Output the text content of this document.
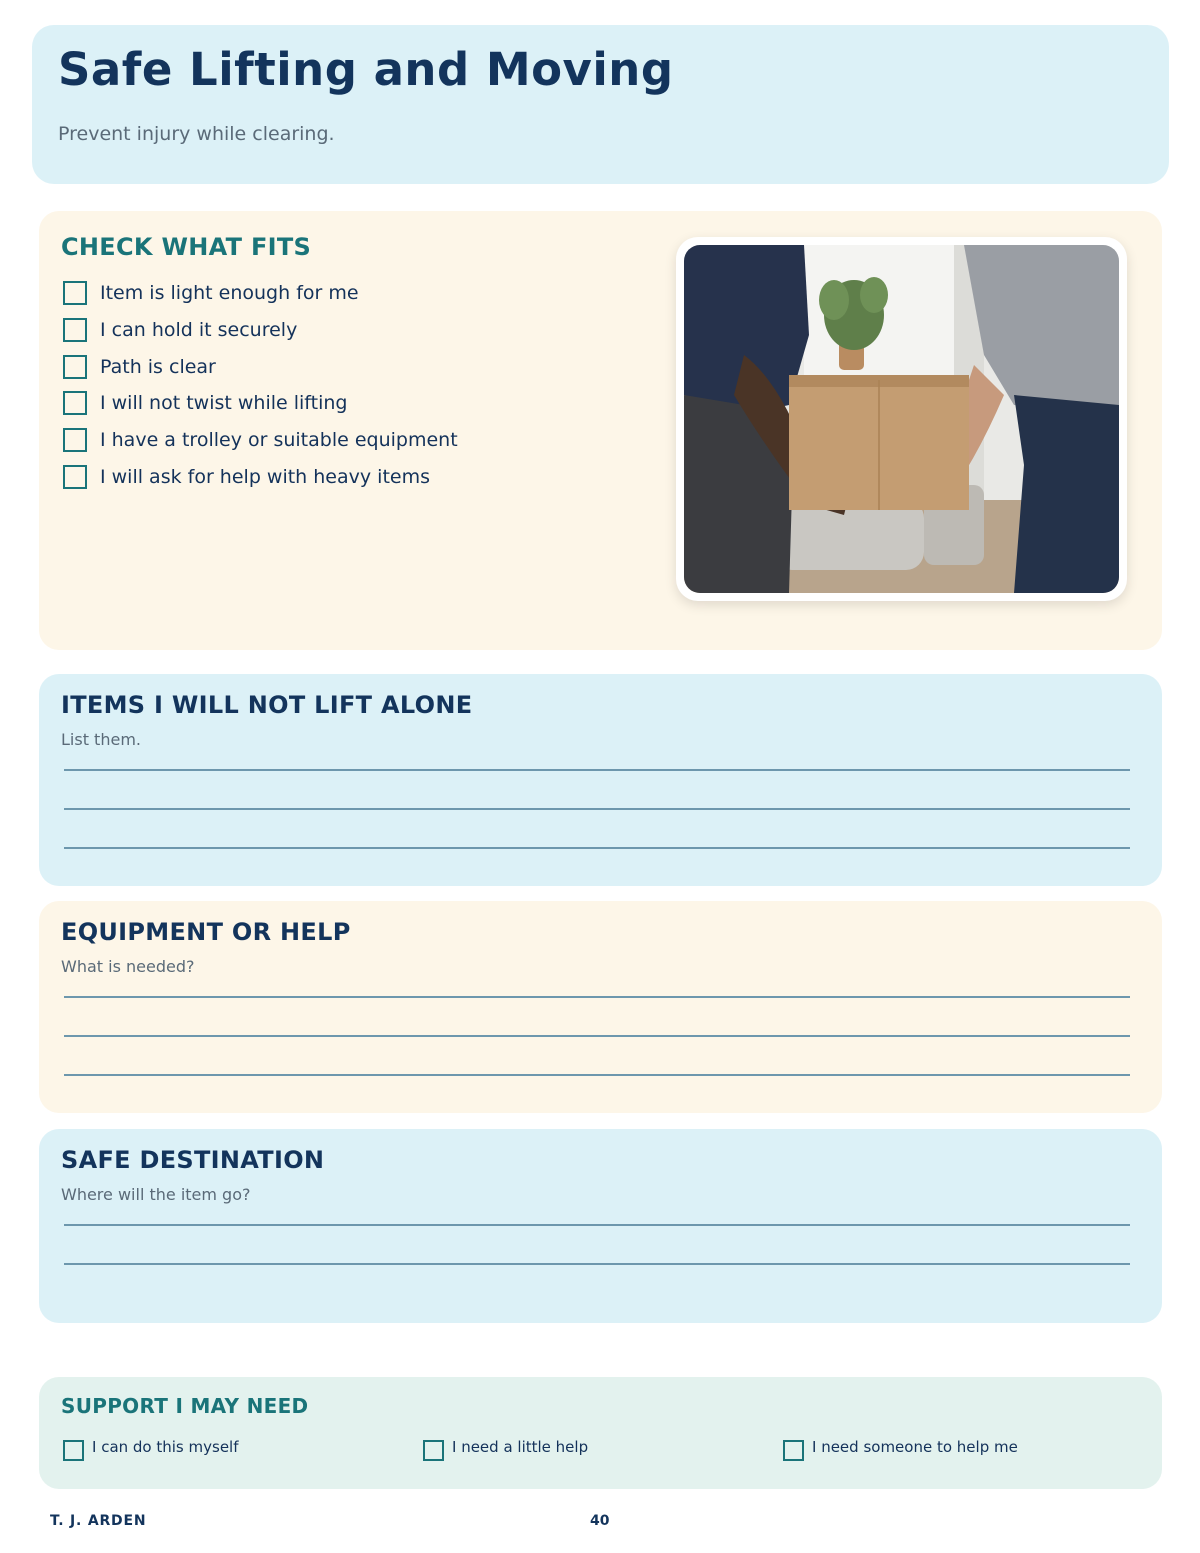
Safe Lifting and Moving
Prevent injury while clearing.
CHECK WHAT FITS
Item is light enough for me
I can hold it securely
Path is clear
I will not twist while lifting
I have a trolley or suitable equipment
I will ask for help with heavy items
ITEMS I WILL NOT LIFT ALONE
List them.
EQUIPMENT OR HELP
What is needed?
SAFE DESTINATION
Where will the item go?
SUPPORT I MAY NEED
I can do this myself	I need a little help	I need someone to help me
T. J. ARDEN	40
